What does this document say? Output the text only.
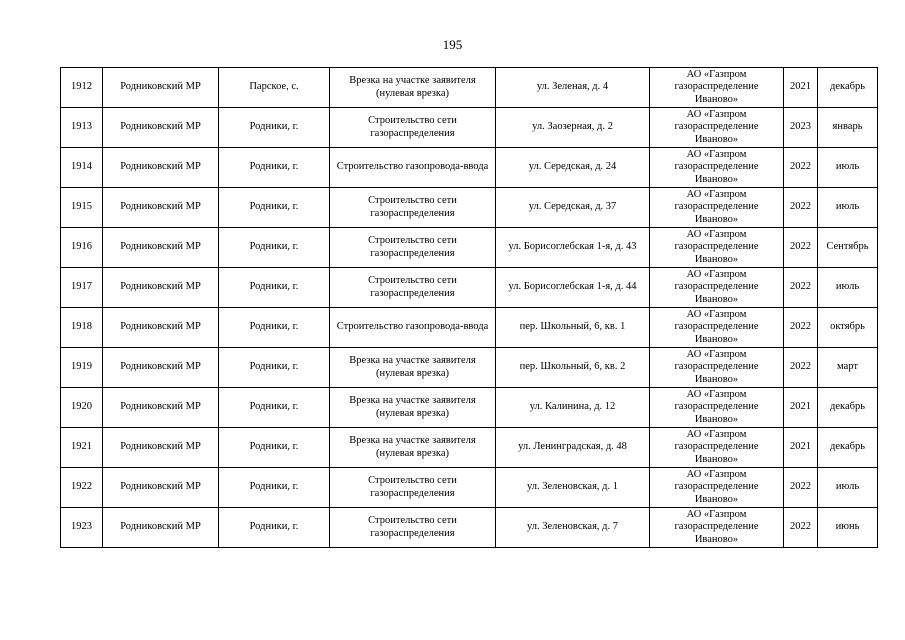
195
1912	Родниковский МР	Парское, с.	Врезка на участке заявителя (нулевая врезка)	ул. Зеленая, д. 4	АО «Газпром газораспределение Иваново»	2021	декабрь
1913	Родниковский МР	Родники, г.	Строительство сети газораспределения	ул. Заозерная, д. 2	АО «Газпром газораспределение Иваново»	2023	январь
1914	Родниковский МР	Родники, г.	Строительство газопровода-ввода	ул. Середская, д. 24	АО «Газпром газораспределение Иваново»	2022	июль
1915	Родниковский МР	Родники, г.	Строительство сети газораспределения	ул. Середская, д. 37	АО «Газпром газораспределение Иваново»	2022	июль
1916	Родниковский МР	Родники, г.	Строительство сети газораспределения	ул. Борисоглебская 1-я, д. 43	АО «Газпром газораспределение Иваново»	2022	Сентябрь
1917	Родниковский МР	Родники, г.	Строительство сети газораспределения	ул. Борисоглебская 1-я, д. 44	АО «Газпром газораспределение Иваново»	2022	июль
1918	Родниковский МР	Родники, г.	Строительство газопровода-ввода	пер. Школьный, 6, кв. 1	АО «Газпром газораспределение Иваново»	2022	октябрь
1919	Родниковский МР	Родники, г.	Врезка на участке заявителя (нулевая врезка)	пер. Школьный, 6, кв. 2	АО «Газпром газораспределение Иваново»	2022	март
1920	Родниковский МР	Родники, г.	Врезка на участке заявителя (нулевая врезка)	ул. Калинина, д. 12	АО «Газпром газораспределение Иваново»	2021	декабрь
1921	Родниковский МР	Родники, г.	Врезка на участке заявителя (нулевая врезка)	ул. Ленинградская, д. 48	АО «Газпром газораспределение Иваново»	2021	декабрь
1922	Родниковский МР	Родники, г.	Строительство сети газораспределения	ул. Зеленовская, д. 1	АО «Газпром газораспределение Иваново»	2022	июль
1923	Родниковский МР	Родники, г.	Строительство сети газораспределения	ул. Зеленовская, д. 7	АО «Газпром газораспределение Иваново»	2022	июнь
